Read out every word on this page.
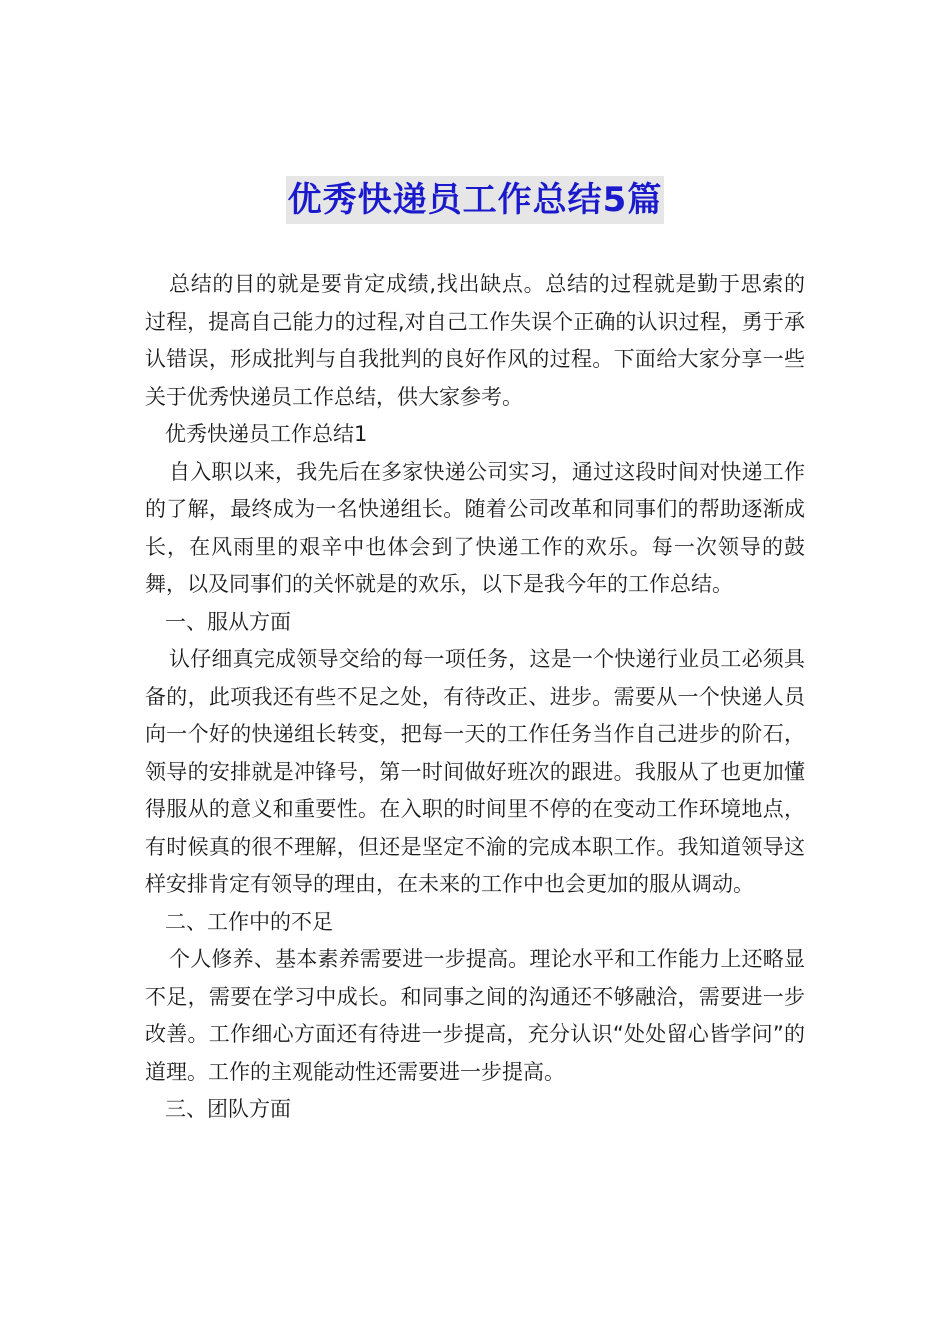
优秀快递员工作总结5篇

总结的目的就是要肯定成绩,找出缺点。总结的过程就是勤于思索的过程，提高自己能力的过程,对自己工作失误个正确的认识过程，勇于承认错误，形成批判与自我批判的良好作风的过程。下面给大家分享一些关于优秀快递员工作总结，供大家参考。

优秀快递员工作总结1

自入职以来，我先后在多家快递公司实习，通过这段时间对快递工作的了解，最终成为一名快递组长。随着公司改革和同事们的帮助逐渐成长，在风雨里的艰辛中也体会到了快递工作的欢乐。每一次领导的鼓舞，以及同事们的关怀就是的欢乐，以下是我今年的工作总结。

一、服从方面

认仔细真完成领导交给的每一项任务，这是一个快递行业员工必须具备的，此项我还有些不足之处，有待改正、进步。需要从一个快递人员向一个好的快递组长转变，把每一天的工作任务当作自己进步的阶石，领导的安排就是冲锋号，第一时间做好班次的跟进。我服从了也更加懂得服从的意义和重要性。在入职的时间里不停的在变动工作环境地点，有时候真的很不理解，但还是坚定不渝的完成本职工作。我知道领导这样安排肯定有领导的理由，在未来的工作中也会更加的服从调动。

二、工作中的不足

个人修养、基本素养需要进一步提高。理论水平和工作能力上还略显不足，需要在学习中成长。和同事之间的沟通还不够融洽，需要进一步改善。工作细心方面还有待进一步提高，充分认识“处处留心皆学问”的道理。工作的主观能动性还需要进一步提高。

三、团队方面
